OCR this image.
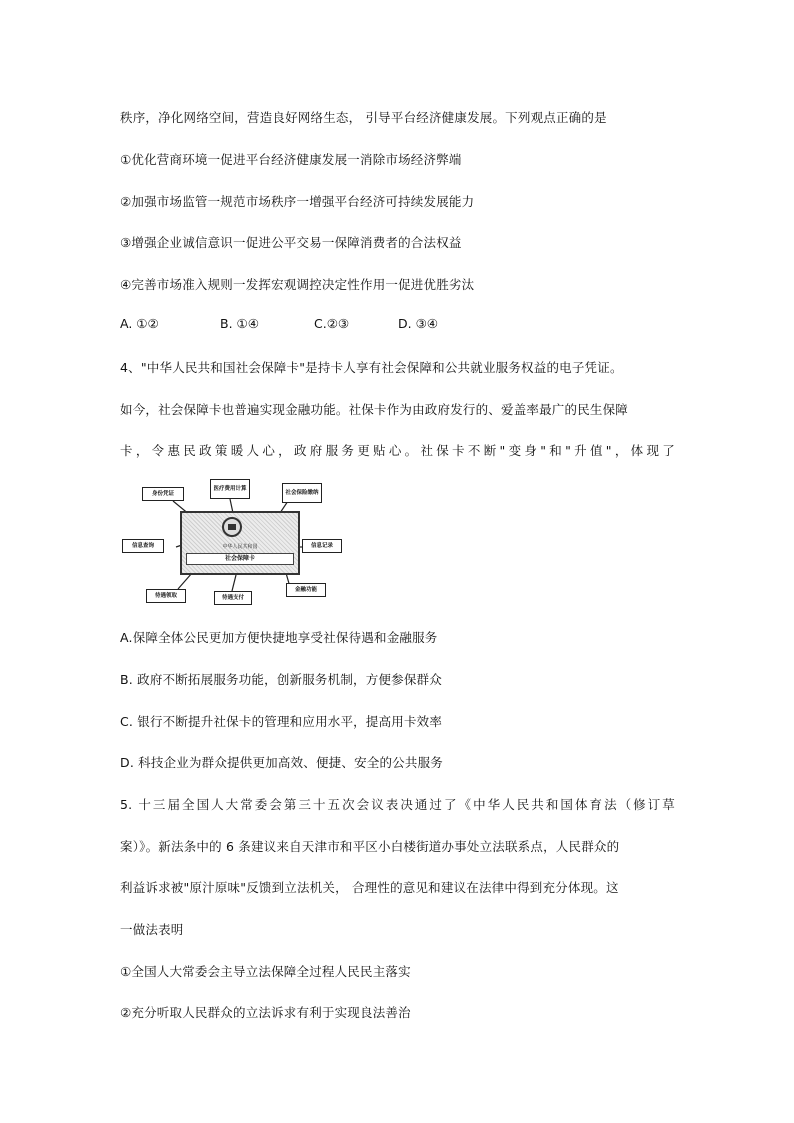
秩序，净化网络空间，营造良好网络生态， 引导平台经济健康发展。下列观点正确的是
①优化营商环境一促进平台经济健康发展一消除市场经济弊端
②加强市场监管一规范市场秩序一增强平台经济可持续发展能力
③增强企业诚信意识一促进公平交易一保障消费者的合法权益
④完善市场准入规则一发挥宏观调控决定性作用一促进优胜劣汰
A. ①②	B. ①④	C.②③	D. ③④
4、"中华人民共和国社会保障卡"是持卡人享有社会保障和公共就业服务权益的电子凭证。
如今，社会保障卡也普遍实现金融功能。社保卡作为由政府发行的、爱盖率最广的民生保障
卡，令惠民政策暖人心，政府服务更贴心。社保卡不断"变身"和"升值"，体现了
身份凭证
医疗费用计算
社会保险缴纳
信息查询	信息记录
待遇领取	待遇支付
金融功能
中华人民共和国
社会保障卡
A.保障全体公民更加方便快捷地享受社保待遇和金融服务
B. 政府不断拓展服务功能，创新服务机制，方便参保群众
C. 银行不断提升社保卡的管理和应用水平，提高用卡效率
D. 科技企业为群众提供更加高效、便捷、安全的公共服务
5. 十三届全国人大常委会第三十五次会议表决通过了《中华人民共和国体育法（修订草
案）》。新法条中的 6 条建议来自天津市和平区小白楼街道办事处立法联系点，人民群众的
利益诉求被"原汁原味"反馈到立法机关， 合理性的意见和建议在法律中得到充分体现。这
一做法表明
①全国人大常委会主导立法保障全过程人民民主落实
②充分听取人民群众的立法诉求有利于实现良法善治
